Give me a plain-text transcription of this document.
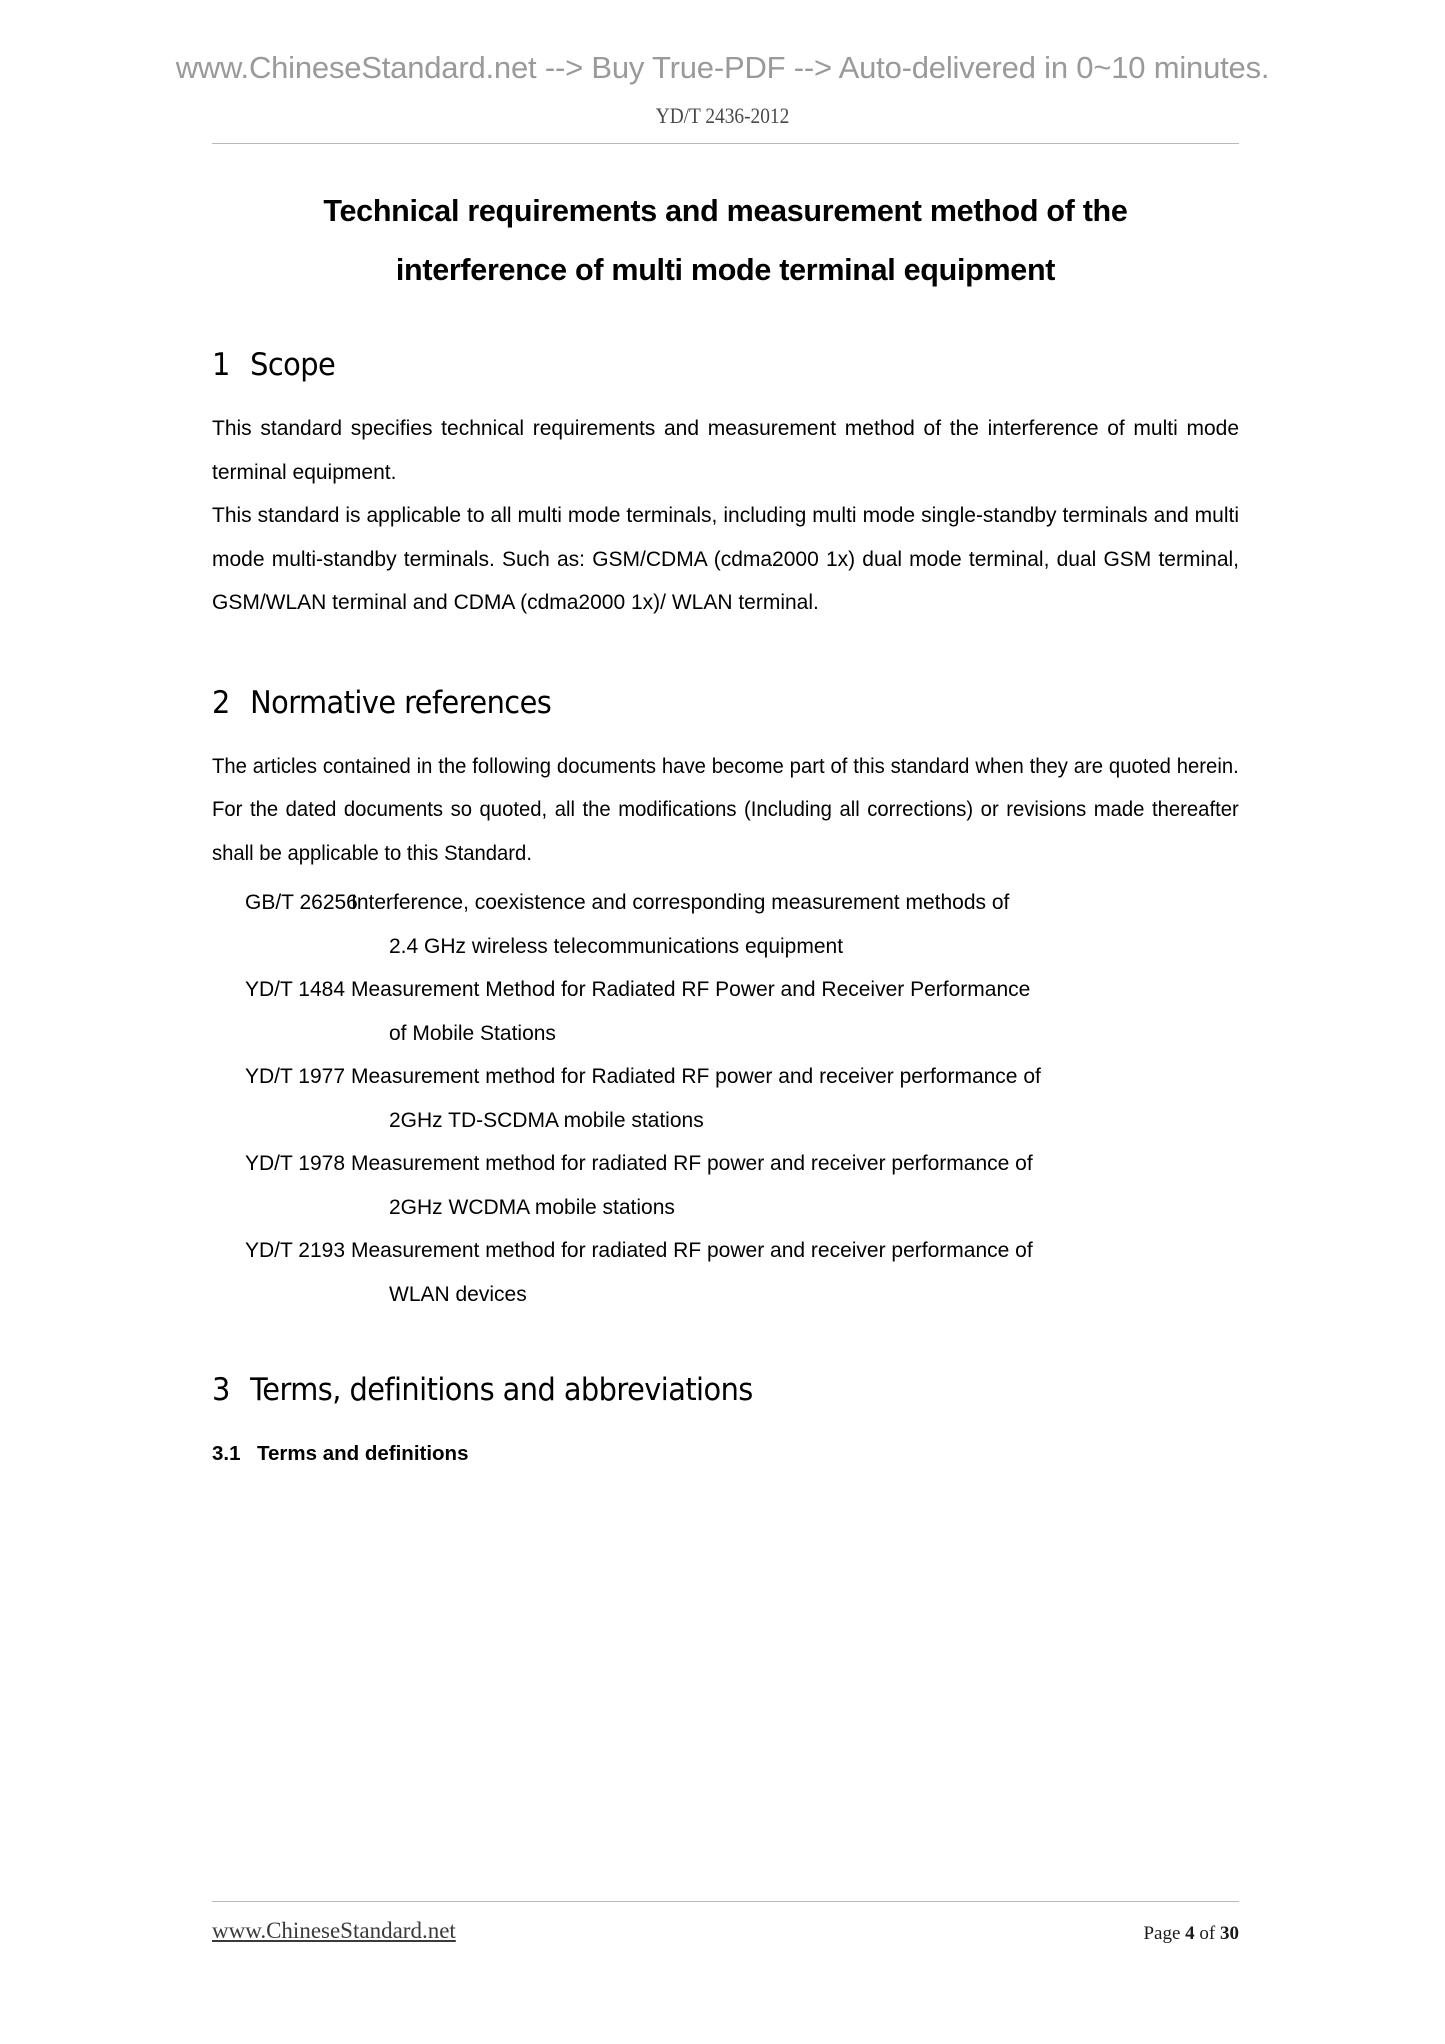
www.ChineseStandard.net --> Buy True-PDF --> Auto-delivered in 0~10 minutes.
YD/T 2436-2012
Technical requirements and measurement method of the
interference of multi mode terminal equipment
1 Scope

This standard specifies technical requirements and measurement method of the interference of multi mode terminal equipment.

This standard is applicable to all multi mode terminals, including multi mode single-standby terminals and multi mode multi-standby terminals. Such as: GSM/CDMA (cdma2000 1x) dual mode terminal, dual GSM terminal, GSM/WLAN terminal and CDMA (cdma2000 1x)/ WLAN terminal.

2 Normative references

The articles contained in the following documents have become part of this standard when they are quoted herein. For the dated documents so quoted, all the modifications (Including all corrections) or revisions made thereafter shall be applicable to this Standard.

GB/T 26256
Interference, coexistence and corresponding measurement methods of
2.4 GHz wireless telecommunications equipment
YD/T 1484 Measurement Method for Radiated RF Power and Receiver Performance
of Mobile Stations
YD/T 1977 Measurement method for Radiated RF power and receiver performance of
2GHz TD-SCDMA mobile stations
YD/T 1978 Measurement method for radiated RF power and receiver performance of
2GHz WCDMA mobile stations
YD/T 2193 Measurement method for radiated RF power and receiver performance of
WLAN devices
3 Terms, definitions and abbreviations
3.1 Terms and definitions
www.ChineseStandard.net	Page 4 of 30
